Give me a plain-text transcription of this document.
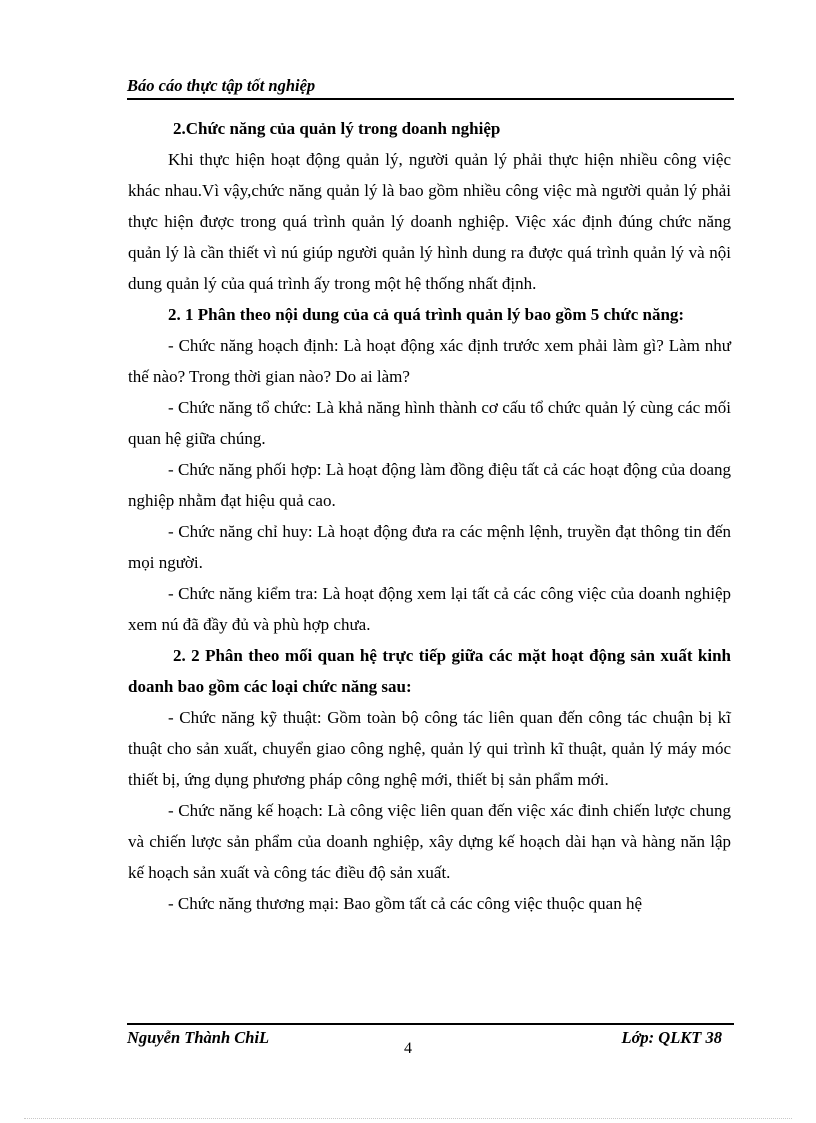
Báo cáo thực tập tốt nghiệp

2.Chức năng của quản lý trong doanh nghiệp

Khi thực hiện hoạt động quản lý, người quản lý phải thực hiện nhiều công việc khác nhau.Vì vậy,chức năng quản lý là bao gồm nhiều công việc mà người quản lý phải thực hiện được trong quá trình quản lý doanh nghiệp. Việc xác định đúng chức năng quản lý là cần thiết vì nú giúp người quản lý hình dung ra được quá trình quản lý và nội dung quản lý của quá trình ấy trong một hệ thống nhất định.

2. 1 Phân theo nội dung của cả quá trình quản lý bao gồm 5 chức năng:

- Chức năng hoạch định: Là hoạt động xác định trước xem phải làm gì? Làm như thế nào? Trong thời gian nào? Do ai làm?

- Chức năng tổ chức: Là khả năng hình thành cơ cấu tổ chức quản lý cùng các mối quan hệ giữa chúng.

- Chức năng phối hợp: Là hoạt động làm đồng điệu tất cả các hoạt động của doang nghiệp nhằm đạt hiệu quả cao.

- Chức năng chỉ huy: Là hoạt động đưa ra các mệnh lệnh, truyền đạt thông tin đến mọi người.

- Chức năng kiểm tra: Là hoạt động xem lại tất cả các công việc của doanh nghiệp xem nú đã đầy đủ và phù hợp chưa.

2. 2 Phân theo mối quan hệ trực tiếp giữa các mặt hoạt động sản xuất kinh doanh bao gồm các loại chức năng sau:

- Chức năng kỹ thuật: Gồm toàn bộ công tác liên quan đến công tác chuận bị kĩ thuật cho sản xuất, chuyển giao công nghệ, quản lý qui trình kĩ thuật, quản lý máy móc thiết bị, ứng dụng phương pháp công nghệ mới, thiết bị sản phẩm mới.

- Chức năng kế hoạch: Là công việc liên quan đến việc xác đinh chiến lược chung và chiến lược sản phẩm của doanh nghiệp, xây dựng kế hoạch dài hạn và hàng năn lập kế hoạch sản xuất và công tác điều độ sản xuất.

- Chức năng thương mại: Bao gồm tất cả các công việc thuộc quan hệ

Nguyễn Thành ChiL	Lớp: QLKT 38
4
